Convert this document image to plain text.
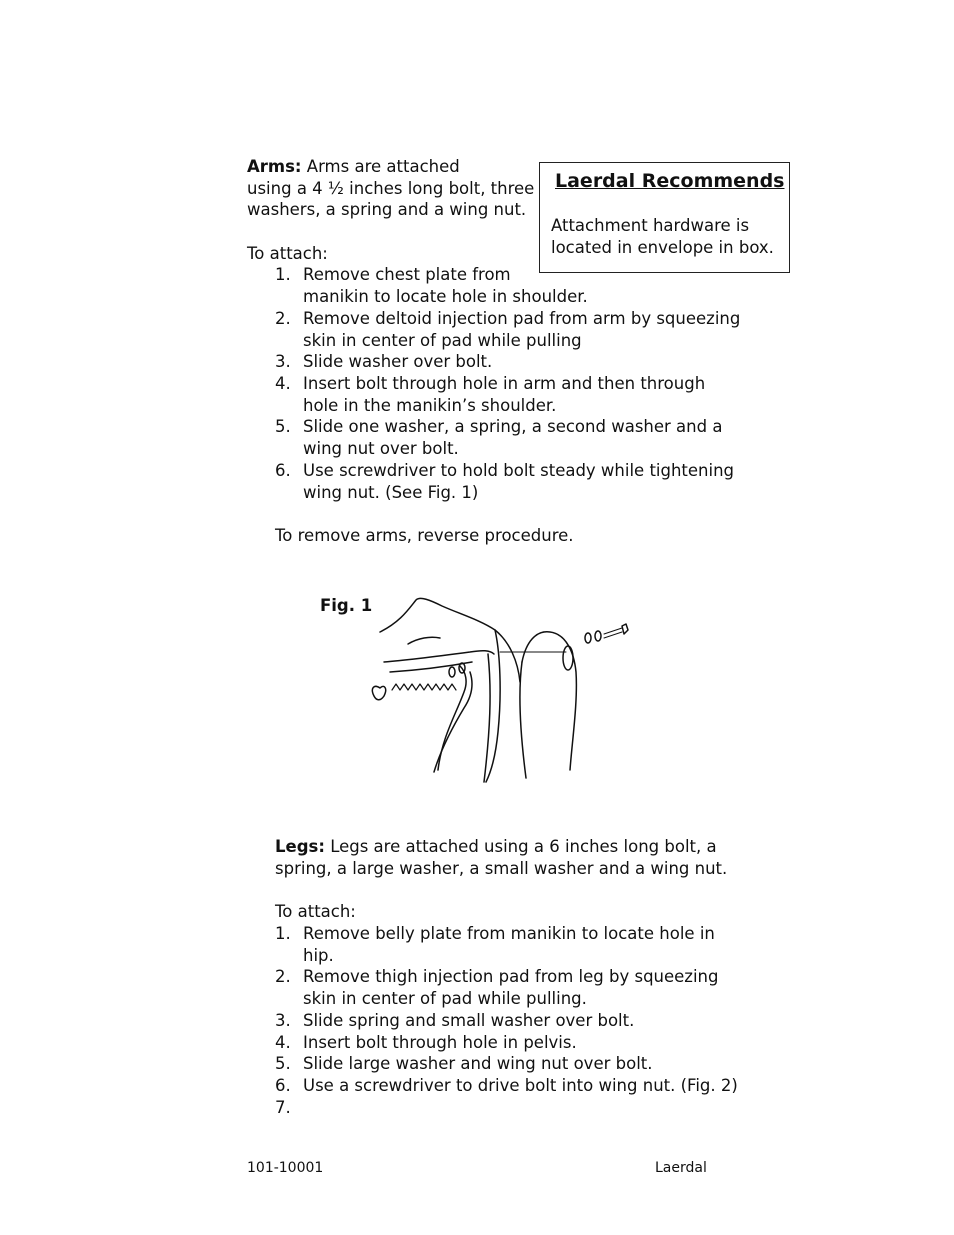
Arms: Arms are attached
using a 4 ½ inches long bolt, three
washers, a spring and a wing nut.
To attach:
1. Remove chest plate from
manikin to locate hole in shoulder.
2. Remove deltoid injection pad from arm by squeezing
skin in center of pad while pulling
3. Slide washer over bolt.
4. Insert bolt through hole in arm and then through
hole in the manikin’s shoulder.
5. Slide one washer, a spring, a second washer and a
wing nut over bolt.
6. Use screwdriver to hold bolt steady while tightening
wing nut. (See Fig. 1)
To remove arms, reverse procedure.
Laerdal Recommends
Attachment hardware is
located in envelope in box.
Fig. 1
Legs: Legs are attached using a 6 inches long bolt, a
spring, a large washer, a small washer and a wing nut.
To attach:
1. Remove belly plate from manikin to locate hole in
hip.
2. Remove thigh injection pad from leg by squeezing
skin in center of pad while pulling.
3. Slide spring and small washer over bolt.
4. Insert bolt through hole in pelvis.
5. Slide large washer and wing nut over bolt.
6. Use a screwdriver to drive bolt into wing nut. (Fig. 2)
7.
101-10001	Laerdal
